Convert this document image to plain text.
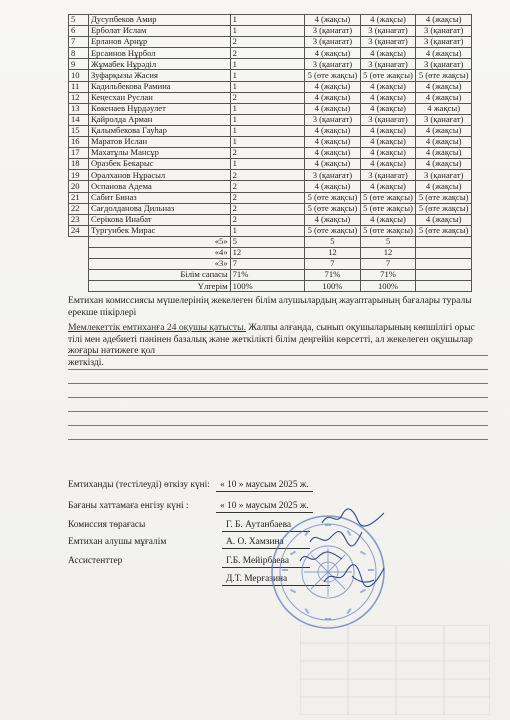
5	Дусупбеков Амир	1	4 (жақсы)	4 (жақсы)	4 (жақсы)
6	Ерболат Ислам	1	3 (қанағат)	3 (қанағат)	3 (қанағат)
7	Ерланов Арнұр	2	3 (қанағат)	3 (қанағат)	3 (қанағат)
8	Ерсаинов Нұрбол	2	4 (жақсы)	4 (жақсы)	4 (жақсы)
9	Жұмабек Нұрәділ	1	3 (қанағат)	3 (қанағат)	3 (қанағат)
10	Зуфарқызы Жасия	1	5 (өте жақсы)	5 (өте жақсы)	5 (өте жақсы)
11	Кадильбекова Рамина	1	4 (жақсы)	4 (жақсы)	4 (жақсы)
12	Кеңесхан Руслан	2	4 (жақсы)	4 (жақсы)	4 (жақсы)
13	Көкенаев Нұрдәулет	1	4 (жақсы)	4 (жақсы)	4 жақсы)
14	Қайролда Арман	1	3 (қанағат)	3 (қанағат)	3 (қанағат)
15	Қалымбекова Гауһар	1	4 (жақсы)	4 (жақсы)	4 (жақсы)
16	Маратов Ислан	1	4 (жақсы)	4 (жақсы)	4 (жақсы)
17	Махатұлы Мансұр	2	4 (жақсы)	4 (жақсы)	4 (жақсы)
18	Оразбек Бекарыс	1	4 (жақсы)	4 (жақсы)	4 (жақсы)
19	Оралханов Нұрасыл	2	3 (қанағат)	3 (қанағат)	3 (қанағат)
20	Оспанова Адема	2	4 (жақсы)	4 (жақсы)	4 (жақсы)
21	Сабит Биназ	2	5 (өте жақсы)	5 (өте жақсы)	5 (өте жақсы)
22	Сағдолданова Дильназ	2	5 (өте жақсы)	5 (өте жақсы)	5 (өте жақсы)
23	Серікова Инабат	2	4 (жақсы)	4 (жақсы)	4 (жақсы)
24	Тургунбек Мирас	1	5 (өте жақсы)	5 (өте жақсы)	5 (өте жақсы)
	«5»	5	5	5	
	«4»	12	12	12	
	«3»	7	7	7	
	Білім сапасы	71%	71%	71%	
	Үлгерім	100%	100%	100%	
Емтихан комиссиясы мүшелерінің жекелеген білім алушылардың жауаптарының бағалары туралы ерекше пікірлері
Мемлекеттік емтиханға 24 оқушы қатысты. Жалпы алғанда, сынып оқушыларының көпшілігі орыс тілі мен әдебиеті пәнінен базалық және жеткілікті білім деңгейін көрсетті, ал жекелеген оқушылар жоғары нәтижеге қол
жеткізді.
Емтиханды (тестілеуді) өткізу күні:	« 10 » маусым 2025 ж.
Бағаны хаттамаға енгізу күні :	« 10 » маусым 2025 ж.
Комиссия төрағасы	Г. Б. Аутанбаева
Емтихан алушы мұғалім	А. О. Хамзина
Ассистенттер	Г.Б. Мейірбаева
Д.Т. Мерғазина
